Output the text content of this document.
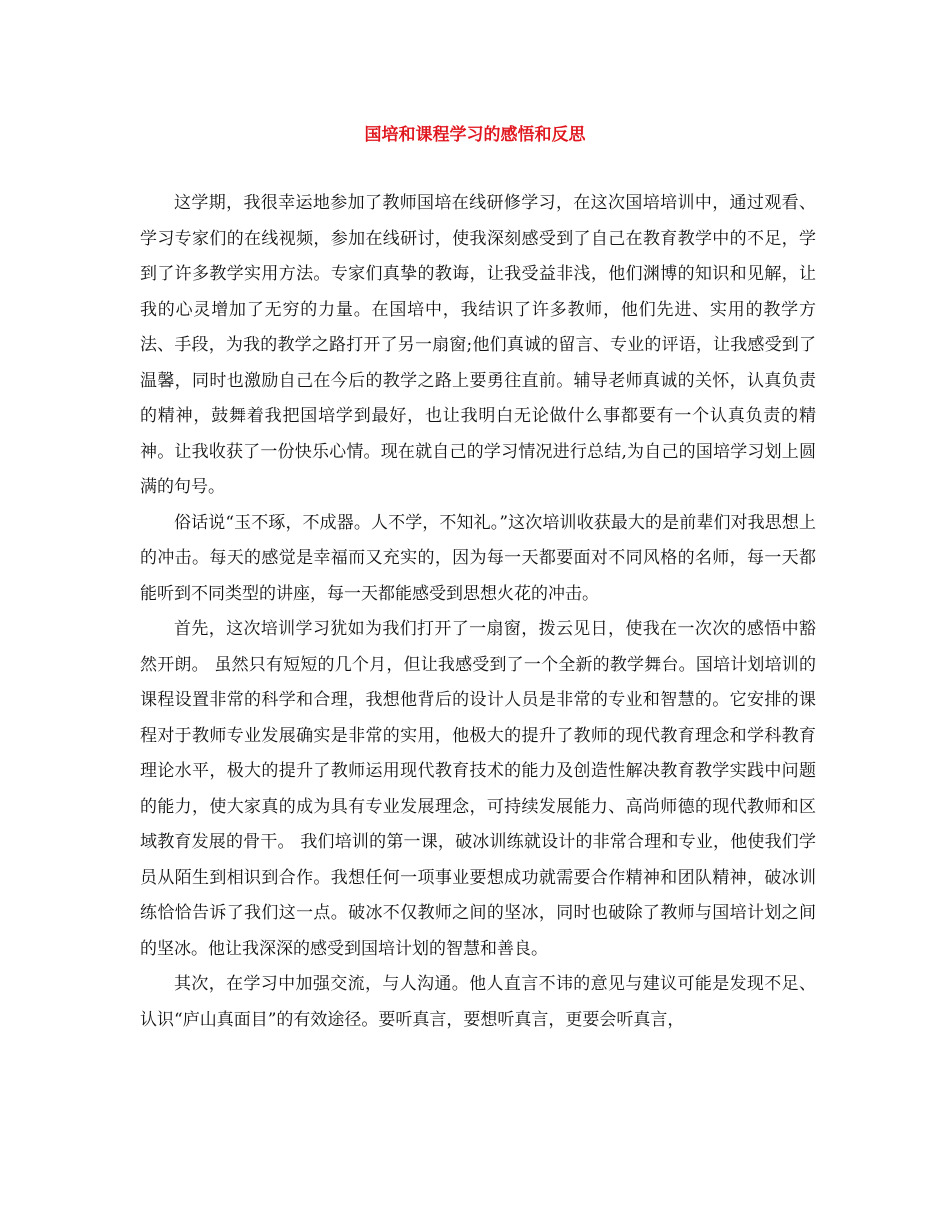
国培和课程学习的感悟和反思

这学期，我很幸运地参加了教师国培在线研修学习，在这次国培培训中，通过观看、学习专家们的在线视频，参加在线研讨，使我深刻感受到了自己在教育教学中的不足，学到了许多教学实用方法。专家们真挚的教诲，让我受益非浅，他们渊博的知识和见解，让我的心灵增加了无穷的力量。在国培中，我结识了许多教师，他们先进、实用的教学方法、手段，为我的教学之路打开了另一扇窗;他们真诚的留言、专业的评语，让我感受到了温馨，同时也激励自己在今后的教学之路上要勇往直前。辅导老师真诚的关怀，认真负责的精神，鼓舞着我把国培学到最好，也让我明白无论做什么事都要有一个认真负责的精神。让我收获了一份快乐心情。现在就自己的学习情况进行总结,为自己的国培学习划上圆满的句号。

俗话说“玉不琢，不成器。人不学，不知礼。”这次培训收获最大的是前辈们对我思想上的冲击。每天的感觉是幸福而又充实的，因为每一天都要面对不同风格的名师，每一天都能听到不同类型的讲座，每一天都能感受到思想火花的冲击。

首先，这次培训学习犹如为我们打开了一扇窗，拨云见日，使我在一次次的感悟中豁然开朗。 虽然只有短短的几个月，但让我感受到了一个全新的教学舞台。国培计划培训的课程设置非常的科学和合理，我想他背后的设计人员是非常的专业和智慧的。它安排的课程对于教师专业发展确实是非常的实用，他极大的提升了教师的现代教育理念和学科教育理论水平，极大的提升了教师运用现代教育技术的能力及创造性解决教育教学实践中问题的能力，使大家真的成为具有专业发展理念，可持续发展能力、高尚师德的现代教师和区域教育发展的骨干。 我们培训的第一课，破冰训练就设计的非常合理和专业，他使我们学员从陌生到相识到合作。我想任何一项事业要想成功就需要合作精神和团队精神，破冰训练恰恰告诉了我们这一点。破冰不仅教师之间的坚冰，同时也破除了教师与国培计划之间的坚冰。他让我深深的感受到国培计划的智慧和善良。

其次，在学习中加强交流，与人沟通。他人直言不讳的意见与建议可能是发现不足、认识“庐山真面目”的有效途径。要听真言，要想听真言，更要会听真言，
